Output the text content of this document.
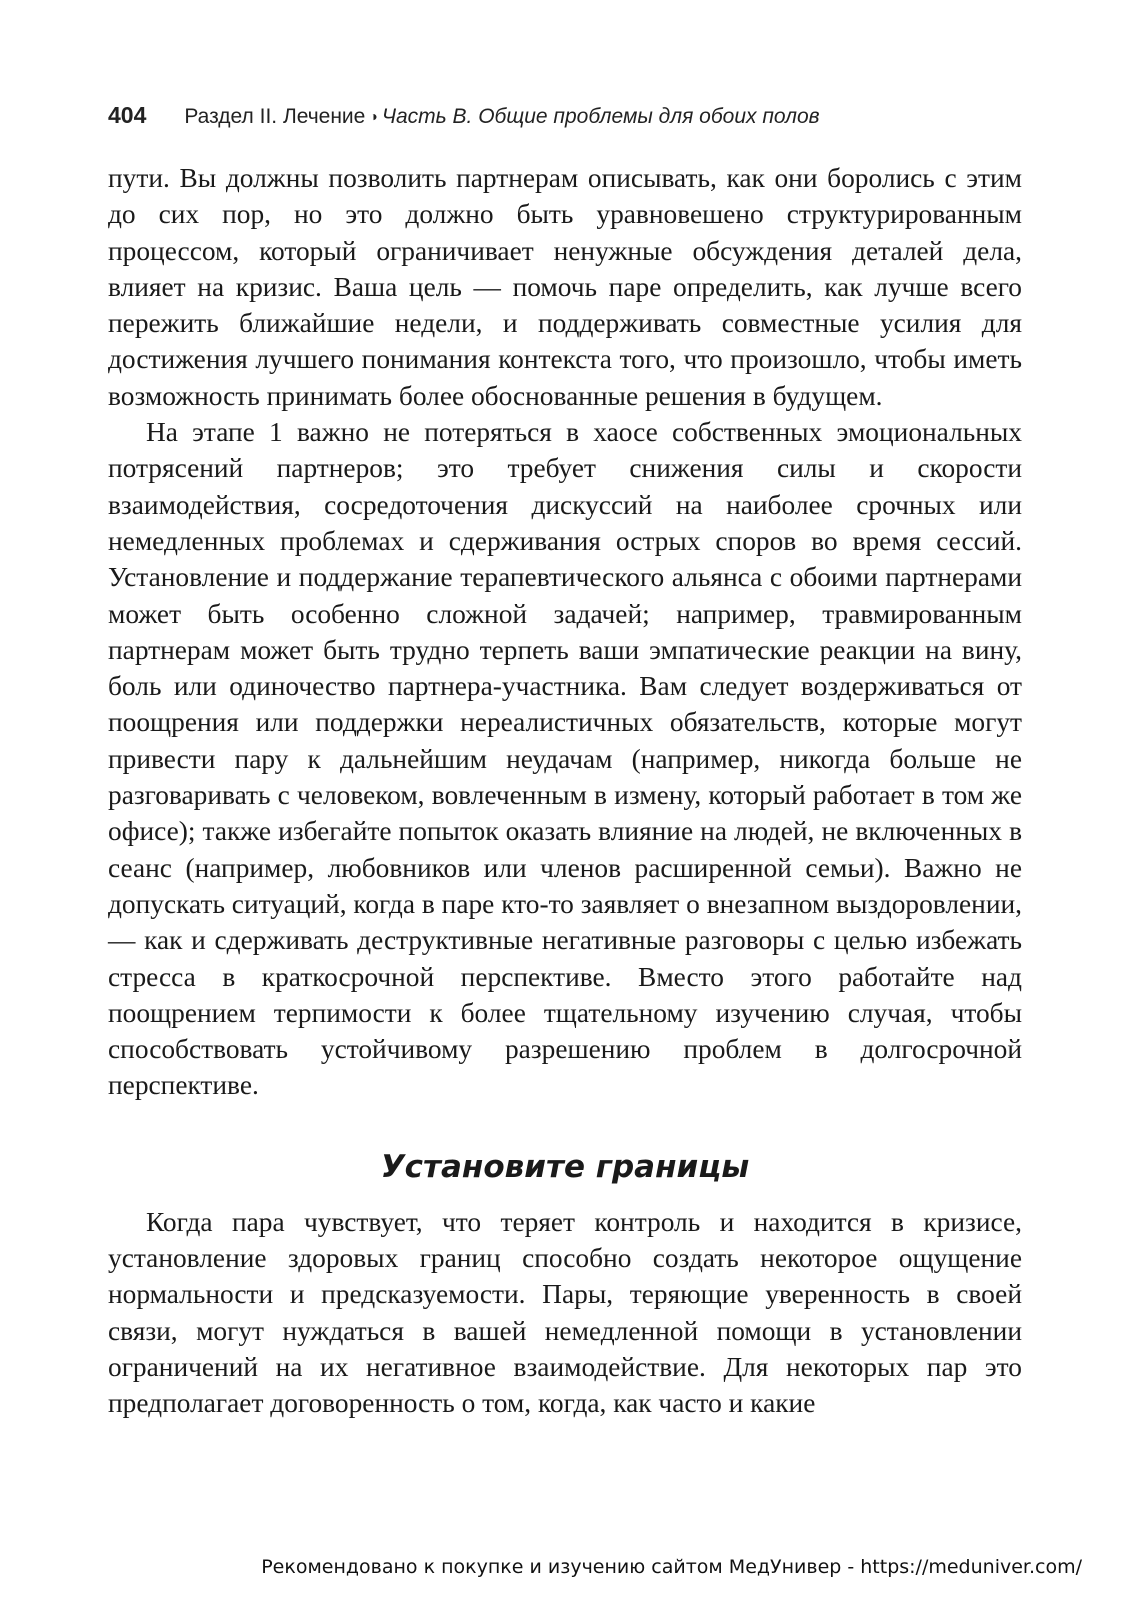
404 Раздел II. Лечение ◑ Часть В. Общие проблемы для обоих полов

пути. Вы должны позволить партнерам описывать, как они боролись с этим до сих пор, но это должно быть уравновешено структурированным процессом, который ограничивает ненужные обсуждения деталей дела, влияет на кризис. Ваша цель — помочь паре определить, как лучше всего пережить ближайшие недели, и поддерживать совместные усилия для достижения лучшего понимания контекста того, что произошло, чтобы иметь возможность принимать более обоснованные решения в будущем.

На этапе 1 важно не потеряться в хаосе собственных эмоциональных потрясений партнеров; это требует снижения силы и скорости взаимодействия, сосредоточения дискуссий на наиболее срочных или немедленных проблемах и сдерживания острых споров во время сессий. Установление и поддержание терапевтического альянса с обоими партнерами может быть особенно сложной задачей; например, травмированным партнерам может быть трудно терпеть ваши эмпатические реакции на вину, боль или одиночество партнера-участника. Вам следует воздерживаться от поощрения или поддержки нереалистичных обязательств, которые могут привести пару к дальнейшим неудачам (например, никогда больше не разговаривать с человеком, вовлеченным в измену, который работает в том же офисе); также избегайте попыток оказать влияние на людей, не включенных в сеанс (например, любовников или членов расширенной семьи). Важно не допускать ситуаций, когда в паре кто-то заявляет о внезапном выздоровлении, — как и сдерживать деструктивные негативные разговоры с целью избежать стресса в краткосрочной перспективе. Вместо этого работайте над поощрением терпимости к более тщательному изучению случая, чтобы способствовать устойчивому разрешению проблем в долгосрочной перспективе.

Установите границы

Когда пара чувствует, что теряет контроль и находится в кризисе, установление здоровых границ способно создать некоторое ощущение нормальности и предсказуемости. Пары, теряющие уверенность в своей связи, могут нуждаться в вашей немедленной помощи в установлении ограничений на их негативное взаимодействие. Для некоторых пар это предполагает договоренность о том, когда, как часто и какие

Рекомендовано к покупке и изучению сайтом МедУнивер - https://meduniver.com/
